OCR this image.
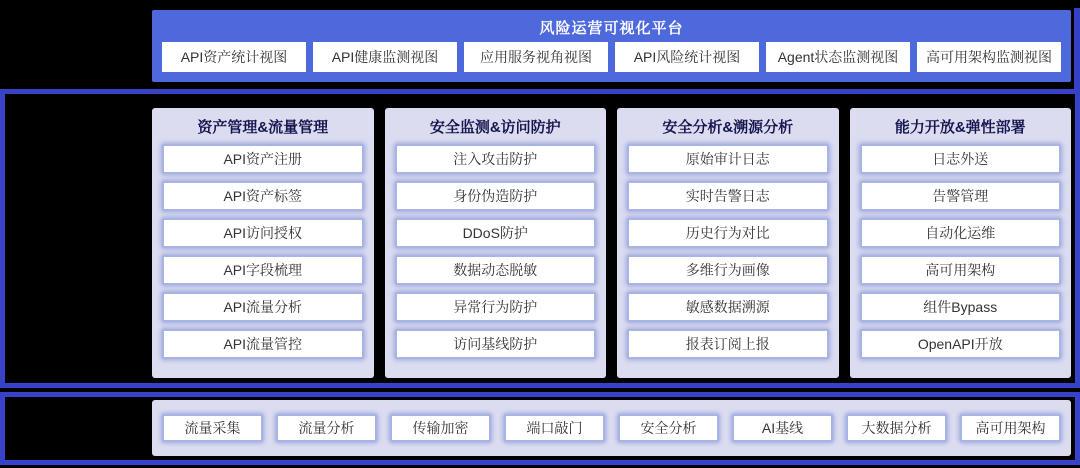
风险运营可视化平台
API资产统计视图	API健康监测视图	应用服务视角视图	API风险统计视图	Agent状态监测视图	高可用架构监测视图
资产管理&流量管理
API资产注册
API资产标签
API访问授权
API字段梳理
API流量分析
API流量管控
安全监测&访问防护
注入攻击防护
身份伪造防护
DDoS防护
数据动态脱敏
异常行为防护
访问基线防护
安全分析&溯源分析
原始审计日志
实时告警日志
历史行为对比
多维行为画像
敏感数据溯源
报表订阅上报
能力开放&弹性部署
日志外送
告警管理
自动化运维
高可用架构
组件Bypass
OpenAPI开放
流量采集	流量分析	传输加密	端口敲门	安全分析	AI基线	大数据分析	高可用架构
